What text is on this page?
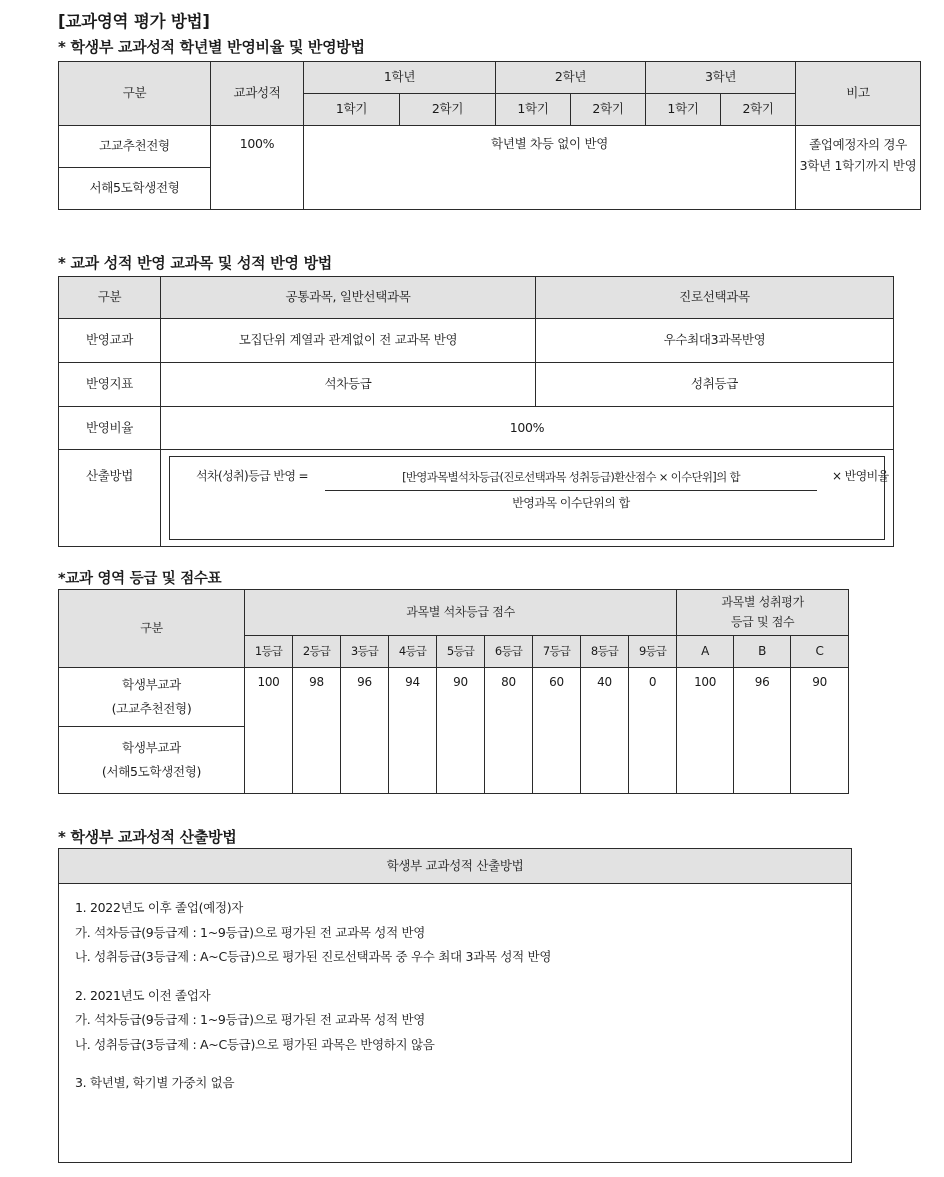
[교과영역 평가 방법]
* 학생부 교과성적 학년별 반영비율 및 반영방법
구분	교과성적	1학년		2학년		3학년		비고
		1학기	2학기	1학기	2학기	1학기	2학기	
고교추천전형	100%	학년별 차등 없이 반영						졸업예정자의 경우
3학년 1학기까지 반영

서해5도학생전형								
* 교과 성적 반영 교과목 및 성적 반영 방법
구분	공통과목, 일반선택과목	진로선택과목
반영교과	모집단위 계열과 관계없이 전 교과목 반영	우수최대3과목반영
반영지표	석차등급	성취등급
반영비율	100%	
산출방법	석차(성취)등급 반영 = $\frac{\text{[반영과목별석차등급(진로선택과목 성취등급)환산점수 × 이수단위]의 합}}{\text{반영과목 이수단위의 합}}$ × 반영비율	
*교과 영역 등급 및 점수표
구분	과목별 석차등급 점수									과목별 성취평가
등급 및 점수		

	1등급	2등급	3등급	4등급	5등급	6등급	7등급	8등급	9등급	A	B	C

학생부교과
(고교추천전형)	100	98	96	94	90	80	60	40	0	100	96	90

학생부교과
(서해5도학생전형)												
* 학생부 교과성적 산출방법
학생부 교과성적 산출방법

1. 2022년도 이후 졸업(예정)자
가. 석차등급(9등급제 : 1~9등급)으로 평가된 전 교과목 성적 반영
나. 성취등급(3등급제 : A~C등급)으로 평가된 진로선택과목 중 우수 최대 3과목 성적 반영
2. 2021년도 이전 졸업자
가. 석차등급(9등급제 : 1~9등급)으로 평가된 전 교과목 성적 반영
나. 성취등급(3등급제 : A~C등급)으로 평가된 과목은 반영하지 않음
3. 학년별, 학기별 가중치 없음
